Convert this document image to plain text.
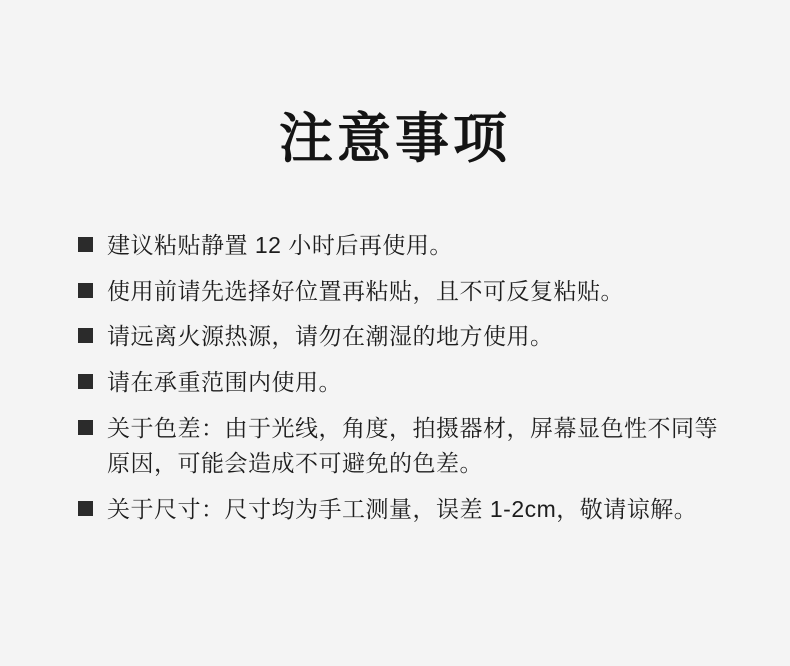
注意事项
建议粘贴静置 12 小时后再使用。
使用前请先选择好位置再粘贴，且不可反复粘贴。
请远离火源热源，请勿在潮湿的地方使用。
请在承重范围内使用。
关于色差：由于光线，角度，拍摄器材，屏幕显色性不同等原因，可能会造成不可避免的色差。
关于尺寸：尺寸均为手工测量，误差 1-2cm，敬请谅解。
